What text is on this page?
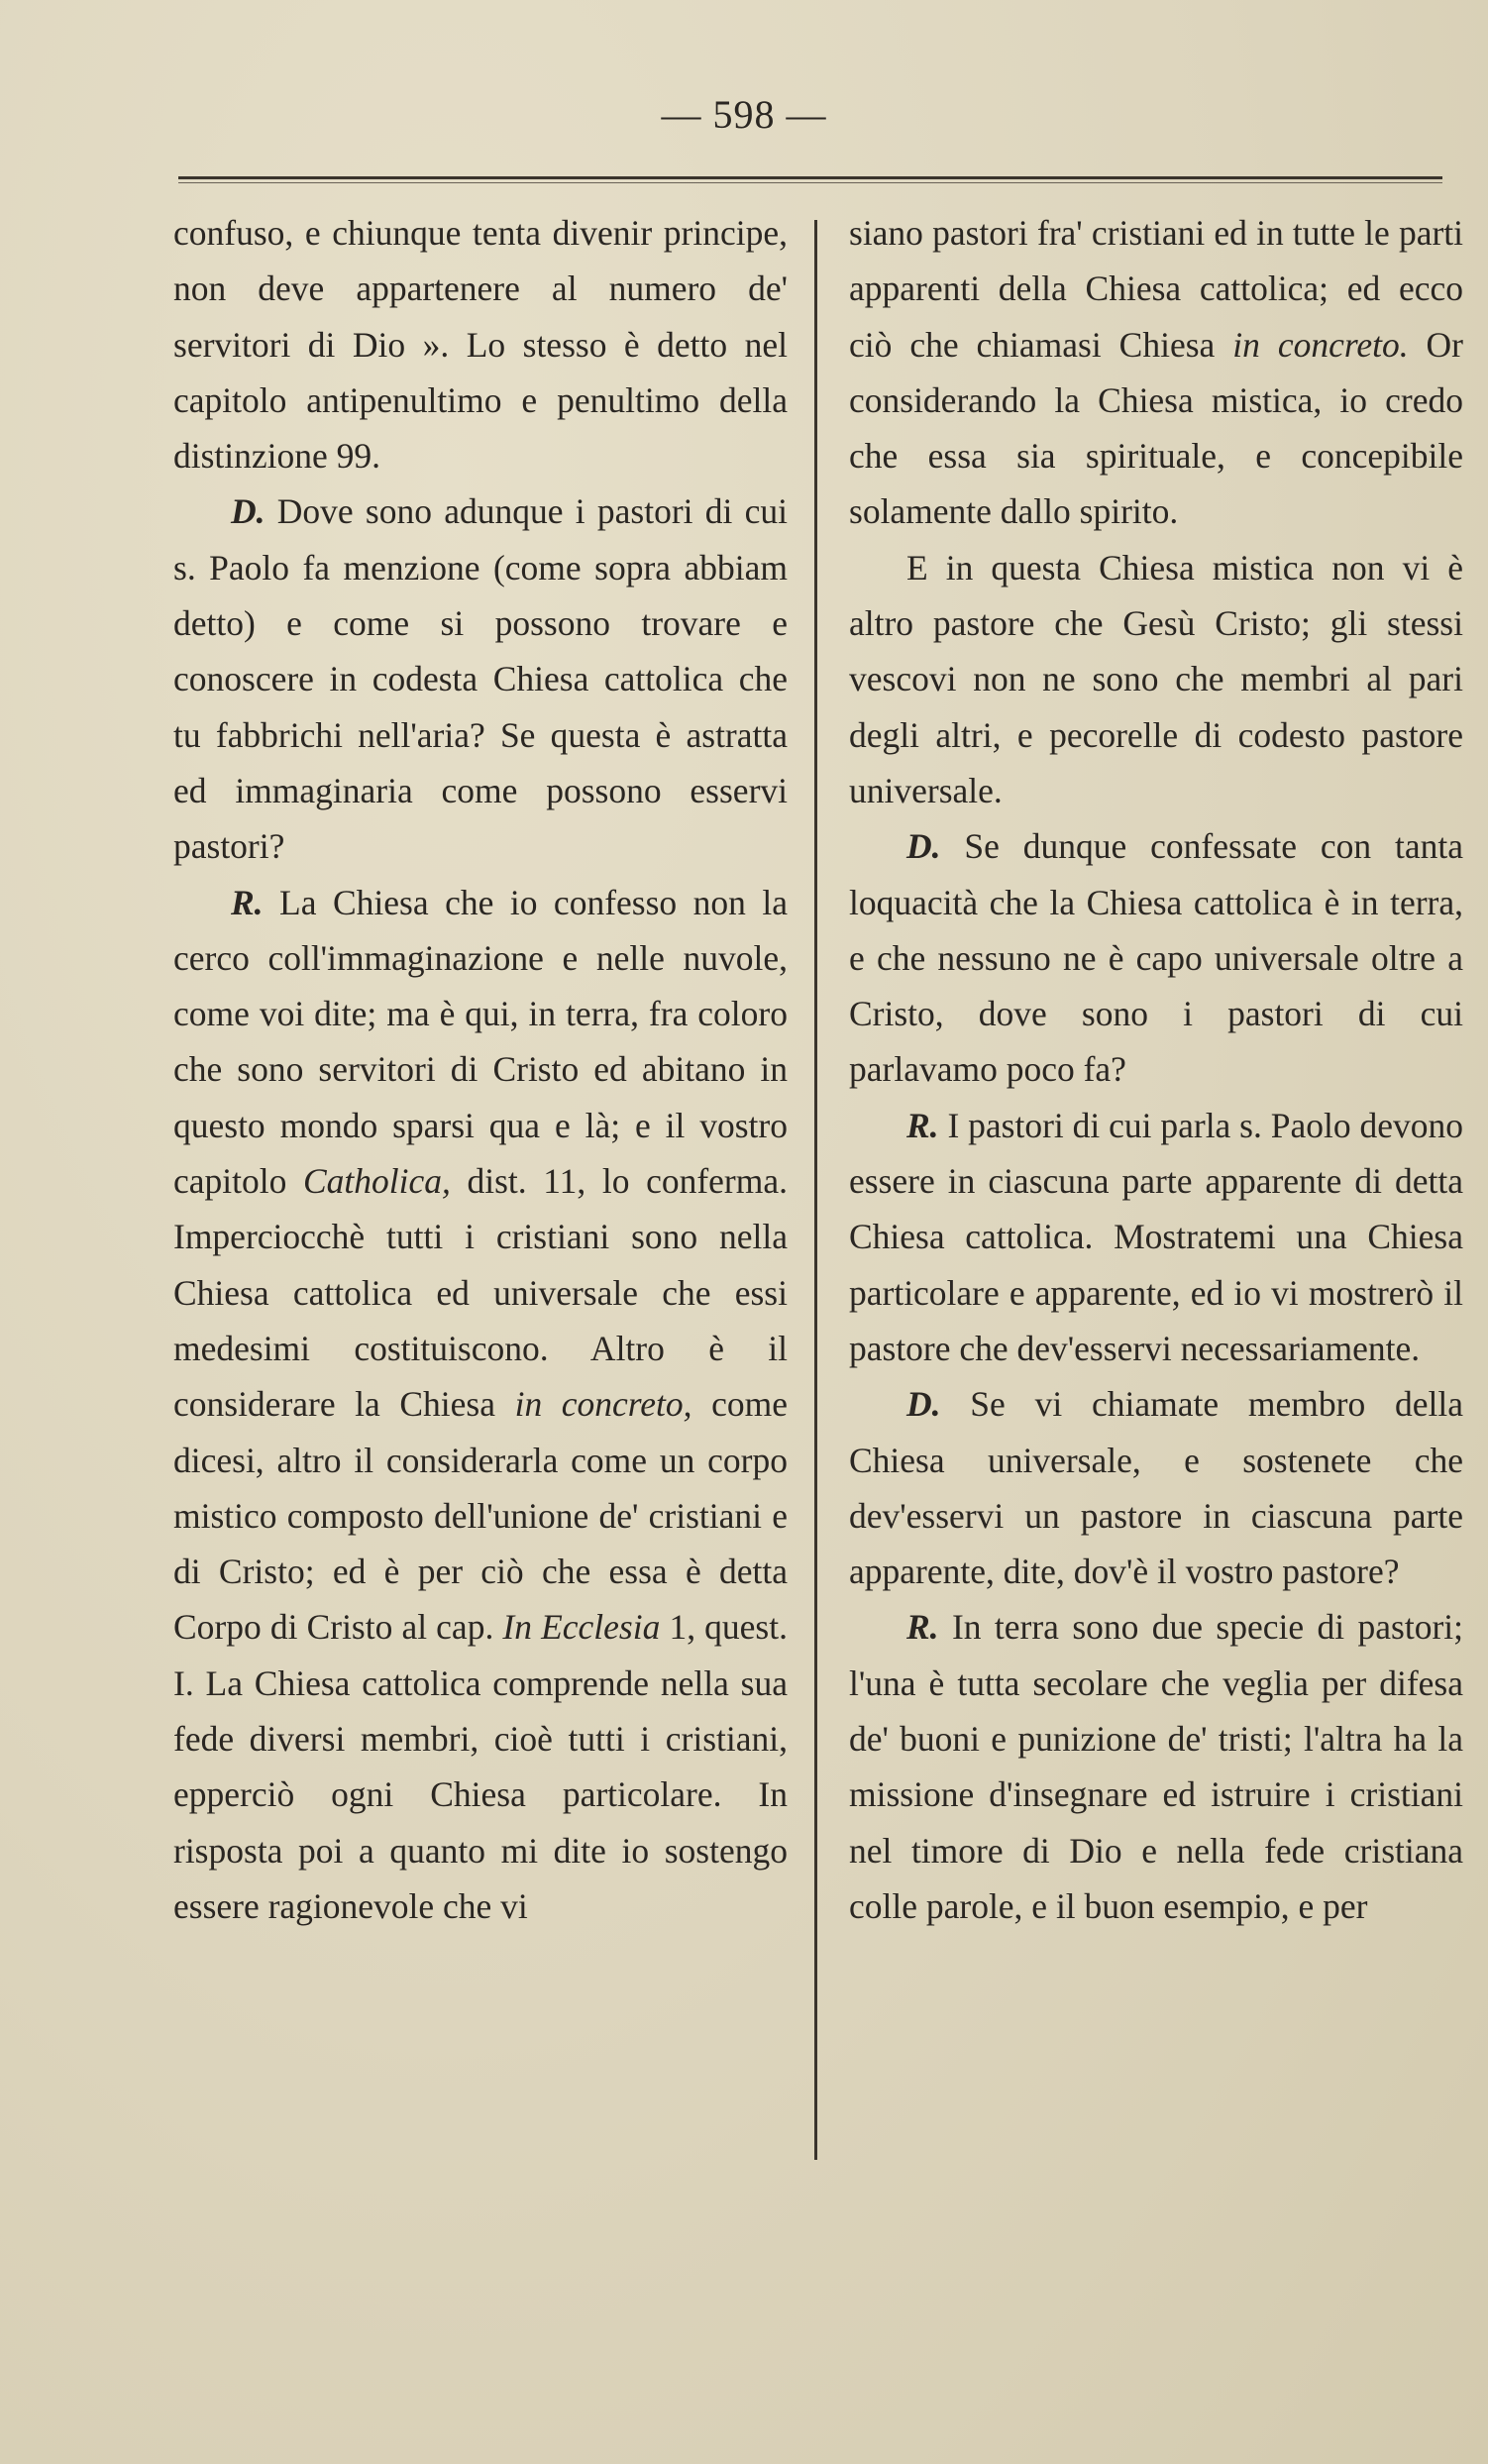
— 598 —

confuso, e chiunque tenta divenir principe, non deve appartenere al numero de' servitori di Dio ». Lo stesso è detto nel capitolo antipenultimo e penultimo della distinzione 99.

D. Dove sono adunque i pastori di cui s. Paolo fa menzione (come sopra abbiam detto) e come si possono trovare e conoscere in codesta Chiesa cattolica che tu fabbrichi nell'aria? Se questa è astratta ed immaginaria come possono esservi pastori?

R. La Chiesa che io confesso non la cerco coll'immaginazione e nelle nuvole, come voi dite; ma è qui, in terra, fra coloro che sono servitori di Cristo ed abitano in questo mondo sparsi qua e là; e il vostro capitolo Catholica, dist. 11, lo conferma. Imperciocchè tutti i cristiani sono nella Chiesa cattolica ed universale che essi medesimi costituiscono. Altro è il considerare la Chiesa in concreto, come dicesi, altro il considerarla come un corpo mistico composto dell'unione de' cristiani e di Cristo; ed è per ciò che essa è detta Corpo di Cristo al cap. In Ecclesia 1, quest. I. La Chiesa cattolica comprende nella sua fede diversi membri, cioè tutti i cristiani, epperciò ogni Chiesa particolare. In risposta poi a quanto mi dite io sostengo essere ragionevole che vi

siano pastori fra' cristiani ed in tutte le parti apparenti della Chiesa cattolica; ed ecco ciò che chiamasi Chiesa in concreto. Or considerando la Chiesa mistica, io credo che essa sia spirituale, e concepibile solamente dallo spirito.

E in questa Chiesa mistica non vi è altro pastore che Gesù Cristo; gli stessi vescovi non ne sono che membri al pari degli altri, e pecorelle di codesto pastore universale.

D. Se dunque confessate con tanta loquacità che la Chiesa cattolica è in terra, e che nessuno ne è capo universale oltre a Cristo, dove sono i pastori di cui parlavamo poco fa?

R. I pastori di cui parla s. Paolo devono essere in ciascuna parte apparente di detta Chiesa cattolica. Mostratemi una Chiesa particolare e apparente, ed io vi mostrerò il pastore che dev'esservi necessariamente.

D. Se vi chiamate membro della Chiesa universale, e sostenete che dev'esservi un pastore in ciascuna parte apparente, dite, dov'è il vostro pastore?

R. In terra sono due specie di pastori; l'una è tutta secolare che veglia per difesa de' buoni e punizione de' tristi; l'altra ha la missione d'insegnare ed istruire i cristiani nel timore di Dio e nella fede cristiana colle parole, e il buon esempio, e per
